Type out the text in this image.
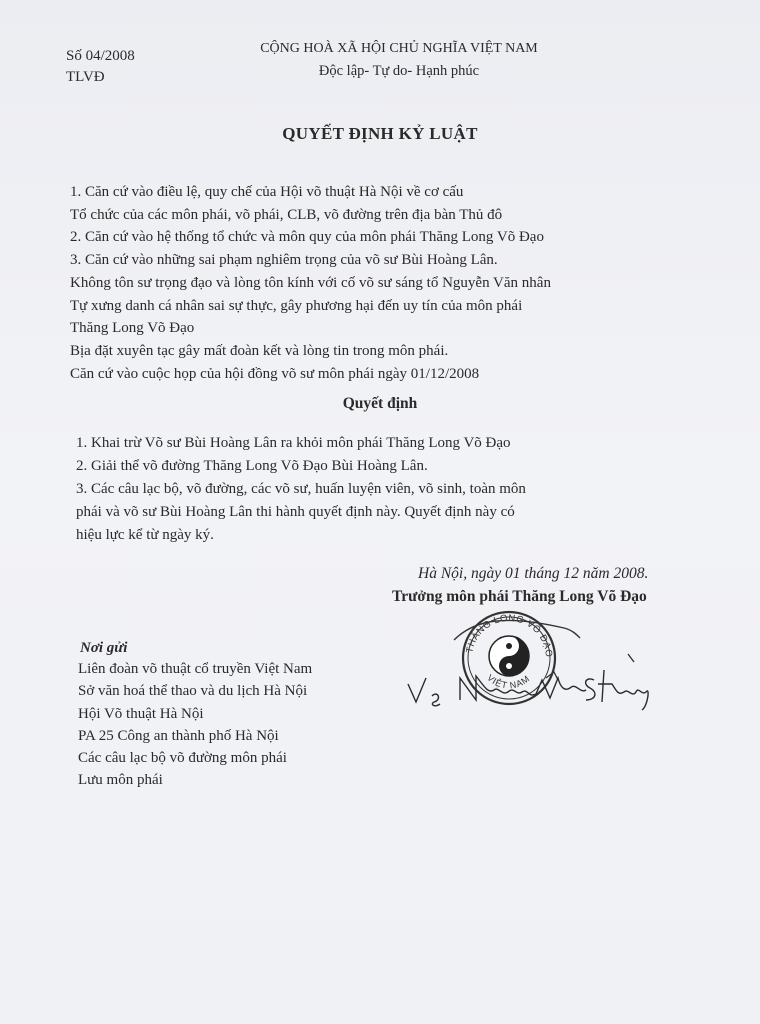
Số 04/2008
TLVĐ
CỘNG HOÀ XÃ HỘI CHỦ NGHĨA VIỆT NAM
Độc lập- Tự do- Hạnh phúc
QUYẾT ĐỊNH KỶ LUẬT
1. Căn cứ vào điều lệ, quy chế của Hội võ thuật Hà Nội về cơ cấu
Tổ chức của các môn phái, võ phái, CLB, võ đường trên địa bàn Thủ đô
2. Căn cứ vào hệ thống tổ chức và môn quy của môn phái Thăng Long Võ Đạo
3. Căn cứ vào những sai phạm nghiêm trọng của võ sư Bùi Hoàng Lân.
Không tôn sư trọng đạo và lòng tôn kính với cố võ sư sáng tổ Nguyễn Văn nhân
Tự xưng danh cá nhân sai sự thực, gây phương hại đến uy tín của môn phái
Thăng Long Võ Đạo
Bịa đặt xuyên tạc gây mất đoàn kết và lòng tin trong môn phái.
Căn cứ vào cuộc họp của hội đồng võ sư môn phái ngày 01/12/2008
Quyết định
1. Khai trừ Võ sư Bùi Hoàng Lân ra khỏi môn phái Thăng Long Võ Đạo
2. Giải thể võ đường Thăng Long Võ Đạo Bùi Hoàng Lân.
3. Các câu lạc bộ, võ đường, các võ sư, huấn luyện viên, võ sinh, toàn môn
phái và võ sư Bùi Hoàng Lân thi hành quyết định này. Quyết định này có
hiệu lực kể từ ngày ký.
Hà Nội, ngày 01 tháng 12 năm 2008.
Trưởng môn phái Thăng Long Võ Đạo
THĂNG LONG VÕ ĐẠO
VIỆT NAM
Nơi gửi
Liên đoàn võ thuật cổ truyền Việt Nam
Sở văn hoá thể thao và du lịch Hà Nội
Hội Võ thuật Hà Nội
PA 25 Công an thành phố Hà Nội
Các câu lạc bộ võ đường môn phái
Lưu môn phái
